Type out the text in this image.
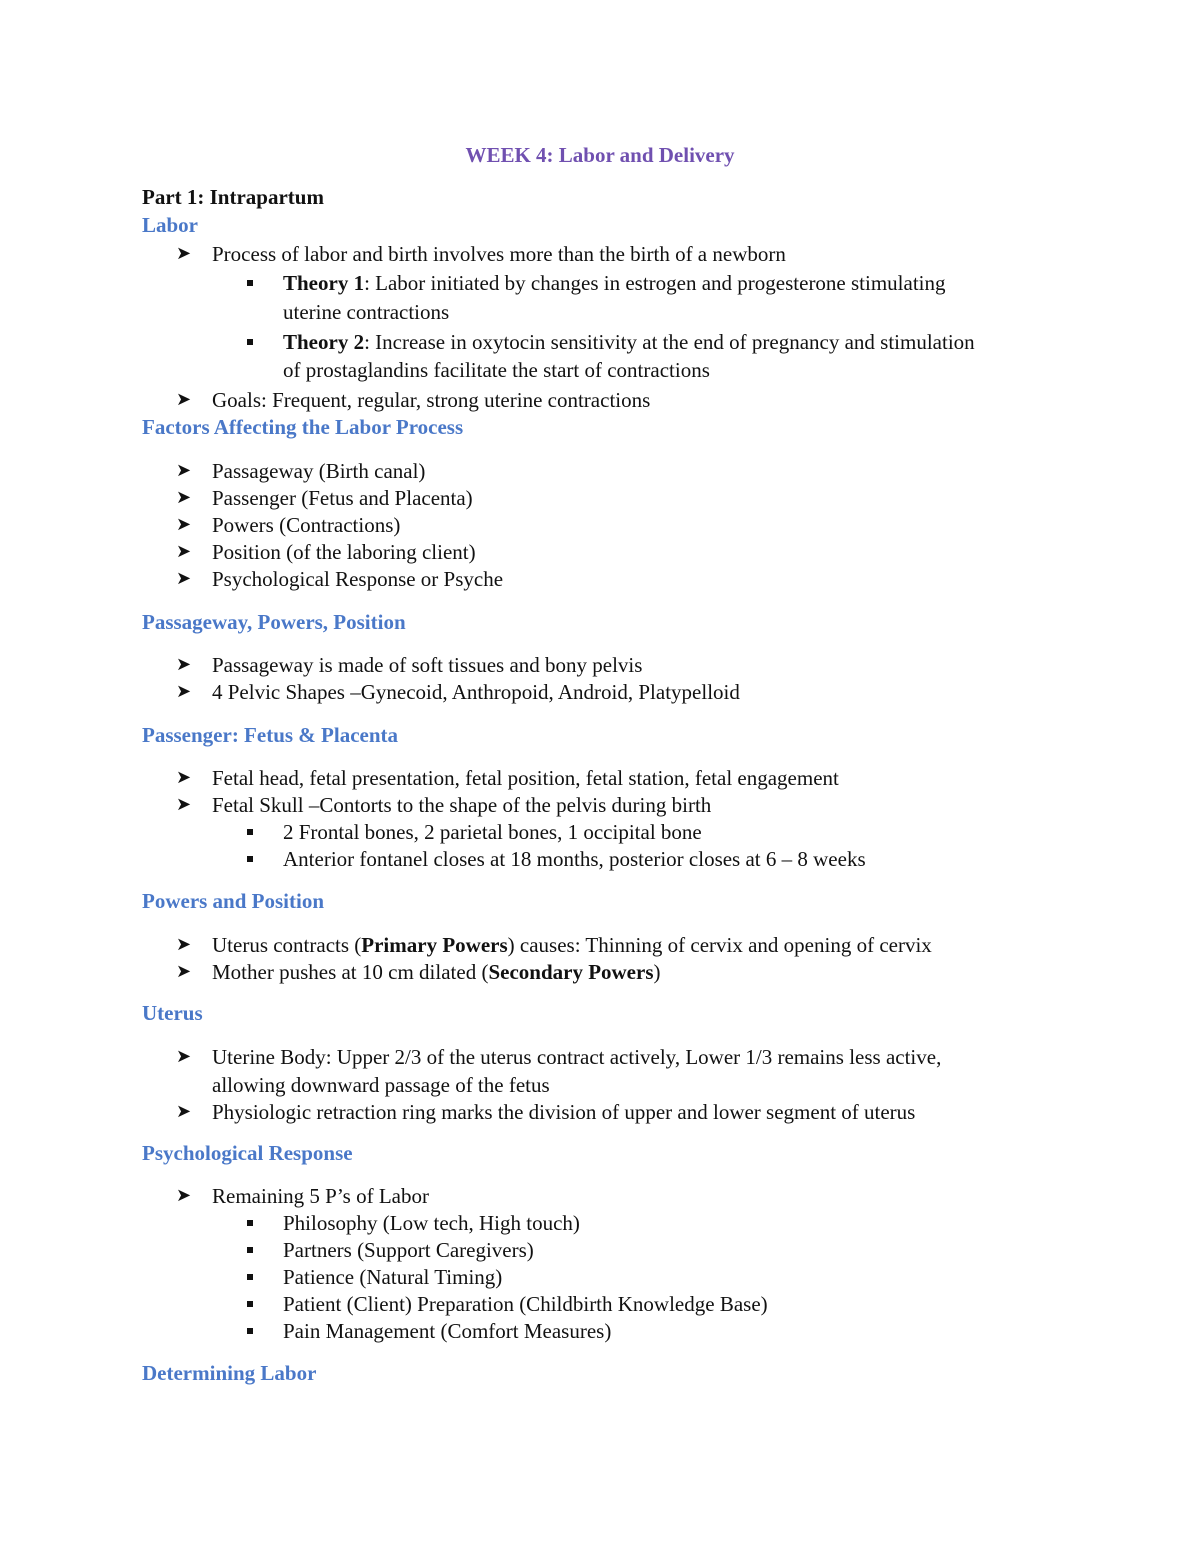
WEEK 4: Labor and Delivery
Part 1: Intrapartum
Labor
➤ Process of labor and birth involves more than the birth of a newborn
Theory 1: Labor initiated by changes in estrogen and progesterone stimulating
uterine contractions
Theory 2: Increase in oxytocin sensitivity at the end of pregnancy and stimulation
of prostaglandins facilitate the start of contractions
➤ Goals: Frequent, regular, strong uterine contractions
Factors Affecting the Labor Process
➤ Passageway (Birth canal)
➤ Passenger (Fetus and Placenta)
➤ Powers (Contractions)
➤ Position (of the laboring client)
➤ Psychological Response or Psyche
Passageway, Powers, Position
➤ Passageway is made of soft tissues and bony pelvis
➤ 4 Pelvic Shapes –Gynecoid, Anthropoid, Android, Platypelloid
Passenger: Fetus & Placenta
➤ Fetal head, fetal presentation, fetal position, fetal station, fetal engagement
➤ Fetal Skull –Contorts to the shape of the pelvis during birth
2 Frontal bones, 2 parietal bones, 1 occipital bone
Anterior fontanel closes at 18 months, posterior closes at 6 – 8 weeks
Powers and Position
➤ Uterus contracts (Primary Powers) causes: Thinning of cervix and opening of cervix
➤ Mother pushes at 10 cm dilated (Secondary Powers)
Uterus
➤ Uterine Body: Upper 2/3 of the uterus contract actively, Lower 1/3 remains less active,
allowing downward passage of the fetus
➤ Physiologic retraction ring marks the division of upper and lower segment of uterus
Psychological Response
➤ Remaining 5 P’s of Labor
Philosophy (Low tech, High touch)
Partners (Support Caregivers)
Patience (Natural Timing)
Patient (Client) Preparation (Childbirth Knowledge Base)
Pain Management (Comfort Measures)
Determining Labor
